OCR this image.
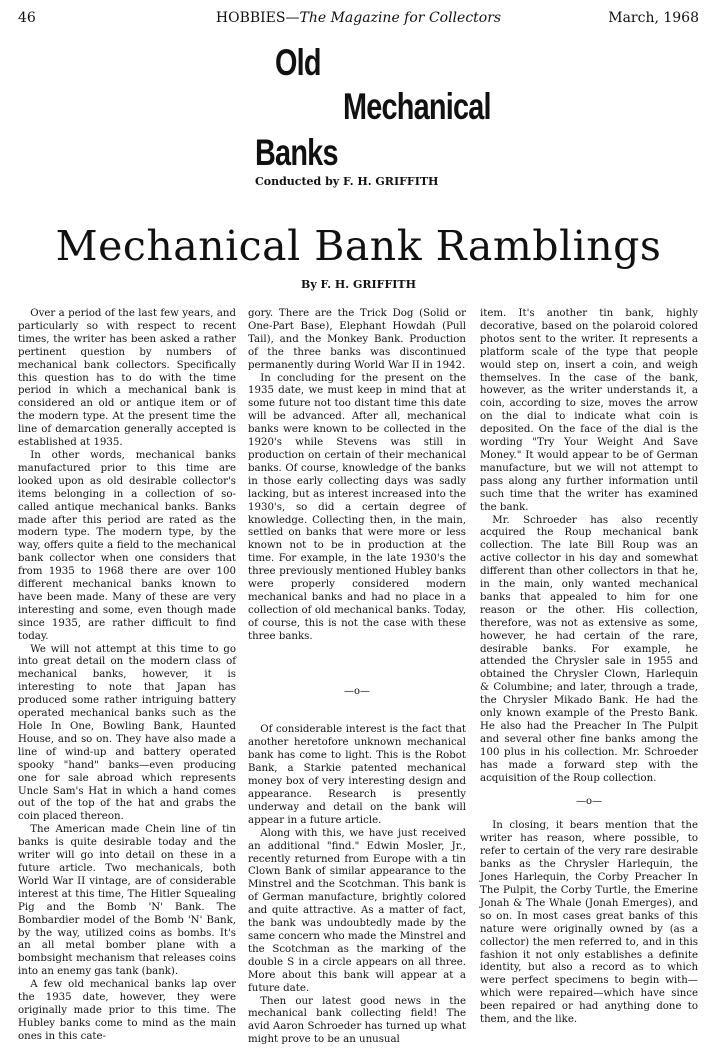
46	HOBBIES—The Magazine for Collectors	March, 1968
Old
Mechanical
Banks
Conducted by F. H. GRIFFITH
Mechanical Bank Ramblings
By F. H. GRIFFITH

Over a period of the last few years, and particularly so with respect to recent times, the writer has been asked a rather pertinent question by numbers of mechanical bank collectors. Specifically this question has to do with the time period in which a mechanical bank is considered an old or antique item or of the modern type. At the present time the line of demarcation generally accepted is established at 1935.

In other words, mechanical banks manufactured prior to this time are looked upon as old desirable collector's items belonging in a collection of so-called antique mechanical banks. Banks made after this period are rated as the modern type. The modern type, by the way, offers quite a field to the mechanical bank collector when one considers that from 1935 to 1968 there are over 100 different mechanical banks known to have been made. Many of these are very interesting and some, even though made since 1935, are rather difficult to find today.

We will not attempt at this time to go into great detail on the modern class of mechanical banks, however, it is interesting to note that Japan has produced some rather intriguing battery operated mechanical banks such as the Hole In One, Bowling Bank, Haunted House, and so on. They have also made a line of wind-up and battery operated spooky "hand" banks—even producing one for sale abroad which represents Uncle Sam's Hat in which a hand comes out of the top of the hat and grabs the coin placed thereon.

The American made Chein line of tin banks is quite desirable today and the writer will go into detail on these in a future article. Two mechanicals, both World War II vintage, are of considerable interest at this time, The Hitler Squealing Pig and the Bomb 'N' Bank. The Bombardier model of the Bomb 'N' Bank, by the way, utilized coins as bombs. It's an all metal bomber plane with a bombsight mechanism that releases coins into an enemy gas tank (bank).

A few old mechanical banks lap over the 1935 date, however, they were originally made prior to this time. The Hubley banks come to mind as the main ones in this cate-

gory. There are the Trick Dog (Solid or One-Part Base), Elephant Howdah (Pull Tail), and the Monkey Bank. Production of the three banks was discontinued permanently during World War II in 1942.

In concluding for the present on the 1935 date, we must keep in mind that at some future not too distant time this date will be advanced. After all, mechanical banks were known to be collected in the 1920's while Stevens was still in production on certain of their mechanical banks. Of course, knowledge of the banks in those early collecting days was sadly lacking, but as interest increased into the 1930's, so did a certain degree of knowledge. Collecting then, in the main, settled on banks that were more or less known not to be in production at the time. For example, in the late 1930's the three previously mentioned Hubley banks were properly considered modern mechanical banks and had no place in a collection of old mechanical banks. Today, of course, this is not the case with these three banks.

—o—

Of considerable interest is the fact that another heretofore unknown mechanical bank has come to light. This is the Robot Bank, a Starkie patented mechanical money box of very interesting design and appearance. Research is presently underway and detail on the bank will appear in a future article.

Along with this, we have just received an additional "find." Edwin Mosler, Jr., recently returned from Europe with a tin Clown Bank of similar appearance to the Minstrel and the Scotchman. This bank is of German manufacture, brightly colored and quite attractive. As a matter of fact, the bank was undoubtedly made by the same concern who made the Minstrel and the Scotchman as the marking of the double S in a circle appears on all three. More about this bank will appear at a future date.

Then our latest good news in the mechanical bank collecting field! The avid Aaron Schroeder has turned up what might prove to be an unusual

item. It's another tin bank, highly decorative, based on the polaroid colored photos sent to the writer. It represents a platform scale of the type that people would step on, insert a coin, and weigh themselves. In the case of the bank, however, as the writer understands it, a coin, according to size, moves the arrow on the dial to indicate what coin is deposited. On the face of the dial is the wording "Try Your Weight And Save Money." It would appear to be of German manufacture, but we will not attempt to pass along any further information until such time that the writer has examined the bank.

Mr. Schroeder has also recently acquired the Roup mechanical bank collection. The late Bill Roup was an active collector in his day and somewhat different than other collectors in that he, in the main, only wanted mechanical banks that appealed to him for one reason or the other. His collection, therefore, was not as extensive as some, however, he had certain of the rare, desirable banks. For example, he attended the Chrysler sale in 1955 and obtained the Chrysler Clown, Harlequin & Columbine; and later, through a trade, the Chrysler Mikado Bank. He had the only known example of the Presto Bank. He also had the Preacher In The Pulpit and several other fine banks among the 100 plus in his collection. Mr. Schroeder has made a forward step with the acquisition of the Roup collection.

—o—

In closing, it bears mention that the writer has reason, where possible, to refer to certain of the very rare desirable banks as the Chrysler Harlequin, the Jones Harlequin, the Corby Preacher In The Pulpit, the Corby Turtle, the Emerine Jonah & The Whale (Jonah Emerges), and so on. In most cases great banks of this nature were originally owned by (as a collector) the men referred to, and in this fashion it not only establishes a definite identity, but also a record as to which were perfect specimens to begin with—which were repaired—which have since been repaired or had anything done to them, and the like.
